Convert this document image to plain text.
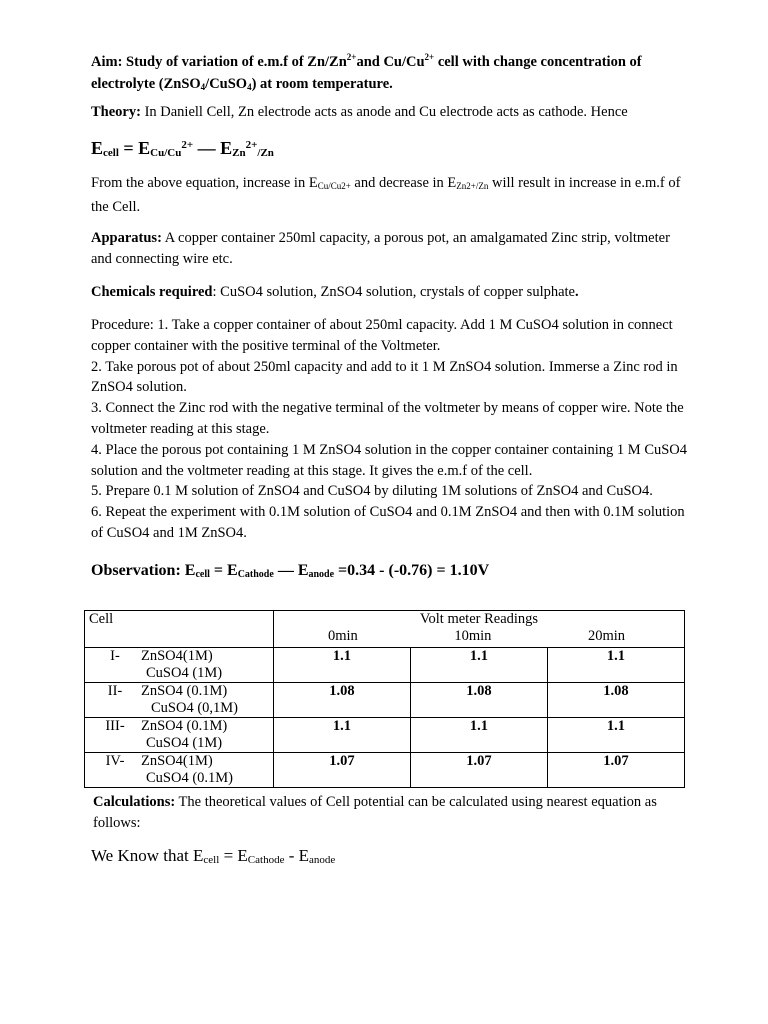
Aim: Study of variation of e.m.f of $Zn/Zn^{2+}and$ $Cu/Cu^{2+}$ cell with change concentration of electrolyte (ZnSO$_4$/CuSO$_4$) at room temperature.
Theory: In Daniell Cell, Zn electrode acts as anode and Cu electrode acts as cathode. Hence
Ecell = ECu/$Cu^{2+}$ — EZn$^{2+}$/Zn
From the above equation, increase in $E_{Cu/Cu2+}$ and decrease in $E_{Zn2+/Zn}$ will result in increase in e.m.f of the Cell.
Apparatus: A copper container 250ml capacity, a porous pot, an amalgamated Zinc strip, voltmeter and connecting wire etc.
Chemicals required: CuSO4 solution, ZnSO4 solution, crystals of copper sulphate.

Procedure: 1. Take a copper container of about 250ml capacity. Add 1 M CuSO4 solution in connect copper container with the positive terminal of the Voltmeter.

2. Take porous pot of about 250ml capacity and add to it 1 M ZnSO4 solution. Immerse a Zinc rod in ZnSO4 solution.

3. Connect the Zinc rod with the negative terminal of the voltmeter by means of copper wire. Note the voltmeter reading at this stage.

4. Place the porous pot containing 1 M ZnSO4 solution in the copper container containing 1 M CuSO4 solution and the voltmeter reading at this stage. It gives the e.m.f of the cell.

5. Prepare 0.1 M solution of ZnSO4 and CuSO4 by diluting 1M solutions of ZnSO4 and CuSO4.

6. Repeat the experiment with 0.1M solution of CuSO4 and 0.1M ZnSO4 and then with 0.1M solution of CuSO4 and 1M ZnSO4.

Observation: $E_{cell} = E_{Cathode}$ — $E_{anode} =0.34 - (-0.76) = 1.10V$
Cell	Volt meter Readings
0min 10min 20min		

I- ZnSO4(1M)
CuSO4 (1M)	1.1	1.1	1.1

II- ZnSO4 (0.1M)
CuSO4 (0,1M)	1.08	1.08	1.08

III- ZnSO4 (0.1M)
CuSO4 (1M)	1.1	1.1	1.1

IV- ZnSO4(1M)
CuSO4 (0.1M)	1.07	1.07	1.07
Calculations: The theoretical values of Cell potential can be calculated using nearest equation as follows:
We Know that Ecell = ECathode - Eanode
